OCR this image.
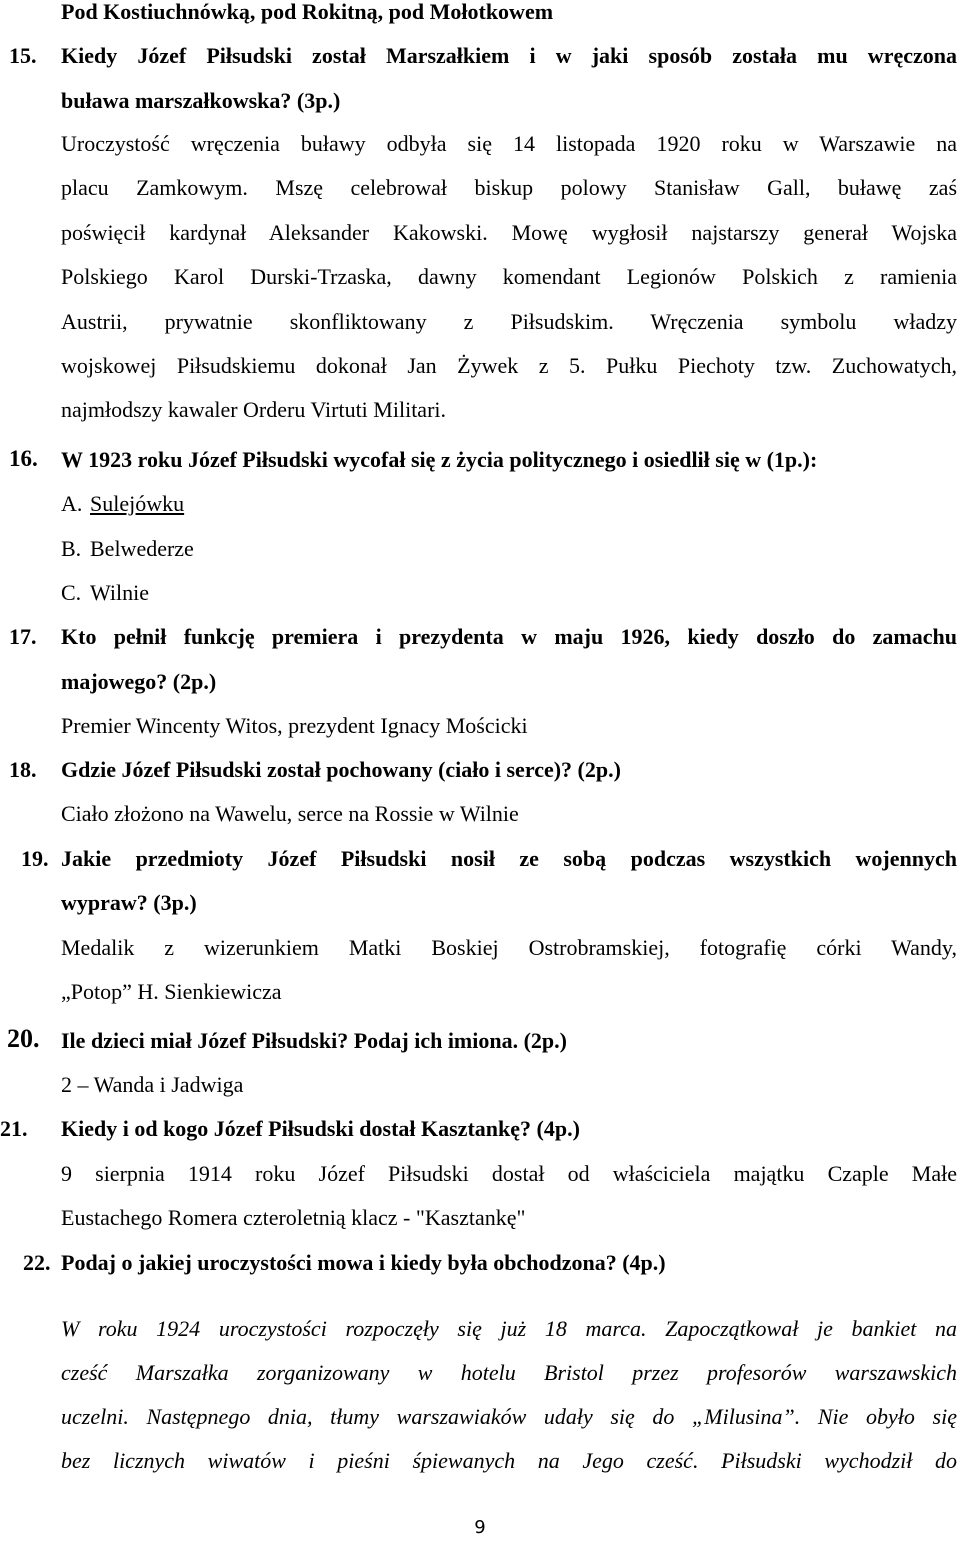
Pod Kostiuchnówką, pod Rokitną, pod Mołotkowem
15. Kiedy Józef Piłsudski został Marszałkiem i w jaki sposób została mu wręczona
buława marszałkowska? (3p.)
Uroczystość wręczenia buławy odbyła się 14 listopada 1920 roku w Warszawie na
placu Zamkowym. Mszę celebrował biskup polowy Stanisław Gall, buławę zaś
poświęcił kardynał Aleksander Kakowski. Mowę wygłosił najstarszy generał Wojska
Polskiego Karol Durski-Trzaska, dawny komendant Legionów Polskich z ramienia
Austrii, prywatnie skonfliktowany z Piłsudskim. Wręczenia symbolu władzy
wojskowej Piłsudskiemu dokonał Jan Żywek z 5. Pułku Piechoty tzw. Zuchowatych,
najmłodszy kawaler Orderu Virtuti Militari.
16. W 1923 roku Józef Piłsudski wycofał się z życia politycznego i osiedlił się w (1p.):
A. Sulejówku
B. Belwederze
C. Wilnie
17. Kto pełnił funkcję premiera i prezydenta w maju 1926, kiedy doszło do zamachu
majowego? (2p.)
Premier Wincenty Witos, prezydent Ignacy Mościcki
18. Gdzie Józef Piłsudski został pochowany (ciało i serce)? (2p.)
Ciało złożono na Wawelu, serce na Rossie w Wilnie
19. Jakie przedmioty Józef Piłsudski nosił ze sobą podczas wszystkich wojennych
wypraw? (3p.)
Medalik z wizerunkiem Matki Boskiej Ostrobramskiej, fotografię córki Wandy,
„Potop” H. Sienkiewicza
20. Ile dzieci miał Józef Piłsudski? Podaj ich imiona. (2p.)
2 – Wanda i Jadwiga
21. Kiedy i od kogo Józef Piłsudski dostał Kasztankę? (4p.)
9 sierpnia 1914 roku Józef Piłsudski dostał od właściciela majątku Czaple Małe
Eustachego Romera czteroletnią klacz - "Kasztankę"
22. Podaj o jakiej uroczystości mowa i kiedy była obchodzona? (4p.)
W roku 1924 uroczystości rozpoczęły się już 18 marca. Zapoczątkował je bankiet na
cześć Marszałka zorganizowany w hotelu Bristol przez profesorów warszawskich
uczelni. Następnego dnia, tłumy warszawiaków udały się do „Milusina”. Nie obyło się
bez licznych wiwatów i pieśni śpiewanych na Jego cześć. Piłsudski wychodził do
9
